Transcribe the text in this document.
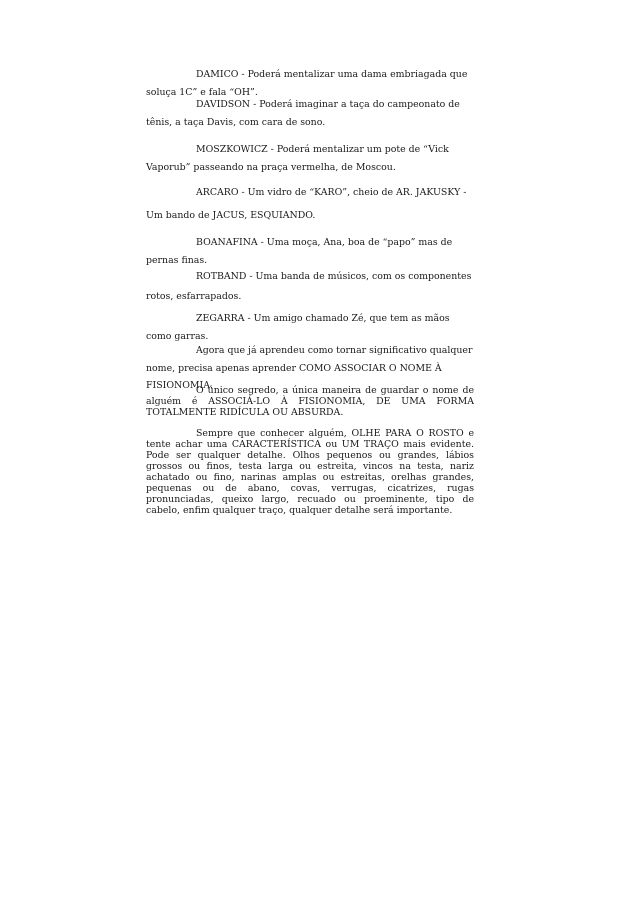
DAMICO - Poderá mentalizar uma dama embriagada que soluça 1C” e fala “OH”.

DAVIDSON - Poderá imaginar a taça do campeonato de tênis, a taça Davis, com cara de sono.

MOSZKOWICZ - Poderá mentalizar um pote de “Vick Vaporub” passeando na praça vermelha, de Moscou.

ARCARO - Um vidro de “KARO”, cheio de AR. JAKUSKY - Um bando de JACUS, ESQUIANDO.

BOANAFINA - Uma moça, Ana, boa de “papo” mas de pernas finas.

ROTBAND - Uma banda de músicos, com os componentes rotos, esfarrapados.

ZEGARRA - Um amigo chamado Zé, que tem as mãos como garras.

Agora que já aprendeu como tornar significativo qualquer nome, precisa apenas aprender COMO ASSOCIAR O NOME À FISIONOMIA.

O único segredo, a única maneira de guardar o nome de alguém é ASSOCIÁ-LO À FISIONOMIA, DE UMA FORMA TOTALMENTE RIDÍCULA OU ABSURDA.

Sempre que conhecer alguém, OLHE PARA O ROSTO e tente achar uma CARACTERÍSTICA ou UM TRAÇO mais evidente. Pode ser qualquer detalhe. Olhos pequenos ou grandes, lábios grossos ou finos, testa larga ou estreita, vincos na testa, nariz achatado ou fino, narinas amplas ou estreitas, orelhas grandes, pequenas ou de abano, covas, verrugas, cicatrizes, rugas pronunciadas, queixo largo, recuado ou proeminente, tipo de cabelo, enfim qualquer traço, qualquer detalhe será importante.
